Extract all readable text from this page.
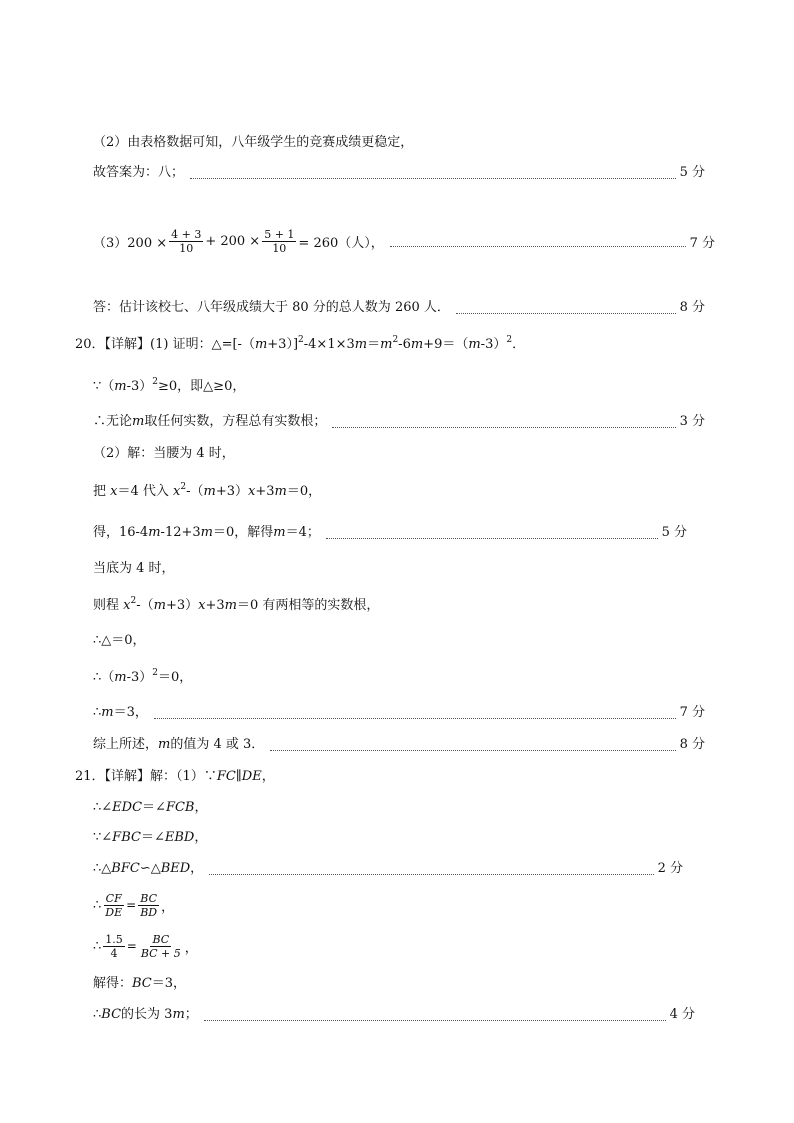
（2）由表格数据可知，八年级学生的竞赛成绩更稳定，
故答案为：八；	5 分
$(3)200 \times \frac{4 + 3}{10} + 200 \times \frac{5 + 1}{10} = 260$（人），	7 分
答：估计该校七、八年级成绩大于 80 分的总人数为 260 人．	8 分
20．【详解】(1) 证明：$\triangle=[-(m+3)]^2-4\times 1\times 3m=m^2-6m+9=(m-3)^2$．
$\because(m-3)^2\ge 0$，即△≥0，
∴无论 m 取任何实数，方程总有实数根；	3 分
（2）解：当腰为 4 时，
把 x＝4 代入 $x^2-(m+3)x+3m=0$，
得，16-4 m -12+3 m ＝0，解得 m ＝4；	5 分
当底为 4 时，
则程 $x^2-(m+3)x+3m=0$ 有两相等的实数根，
∴△＝0，
$\therefore(m-3)^2=0$，
∴ m ＝3，	7 分
综上所述， m 的值为 4 或 3．	8 分
21．【详解】解：（1）∵FC∥DE，
∴∠EDC＝∠FCB，
∵∠FBC＝∠EBD，
∴△ BFC ∽△ BED ，	2 分
∴ $\frac{CF}{DE} = \frac{BC}{BD}$ ，
∴ $\frac{1.5}{4} = \frac{BC}{BC + 5}$ ，
解得：BC＝3，
∴ BC 的长为 3 m ；	4 分
